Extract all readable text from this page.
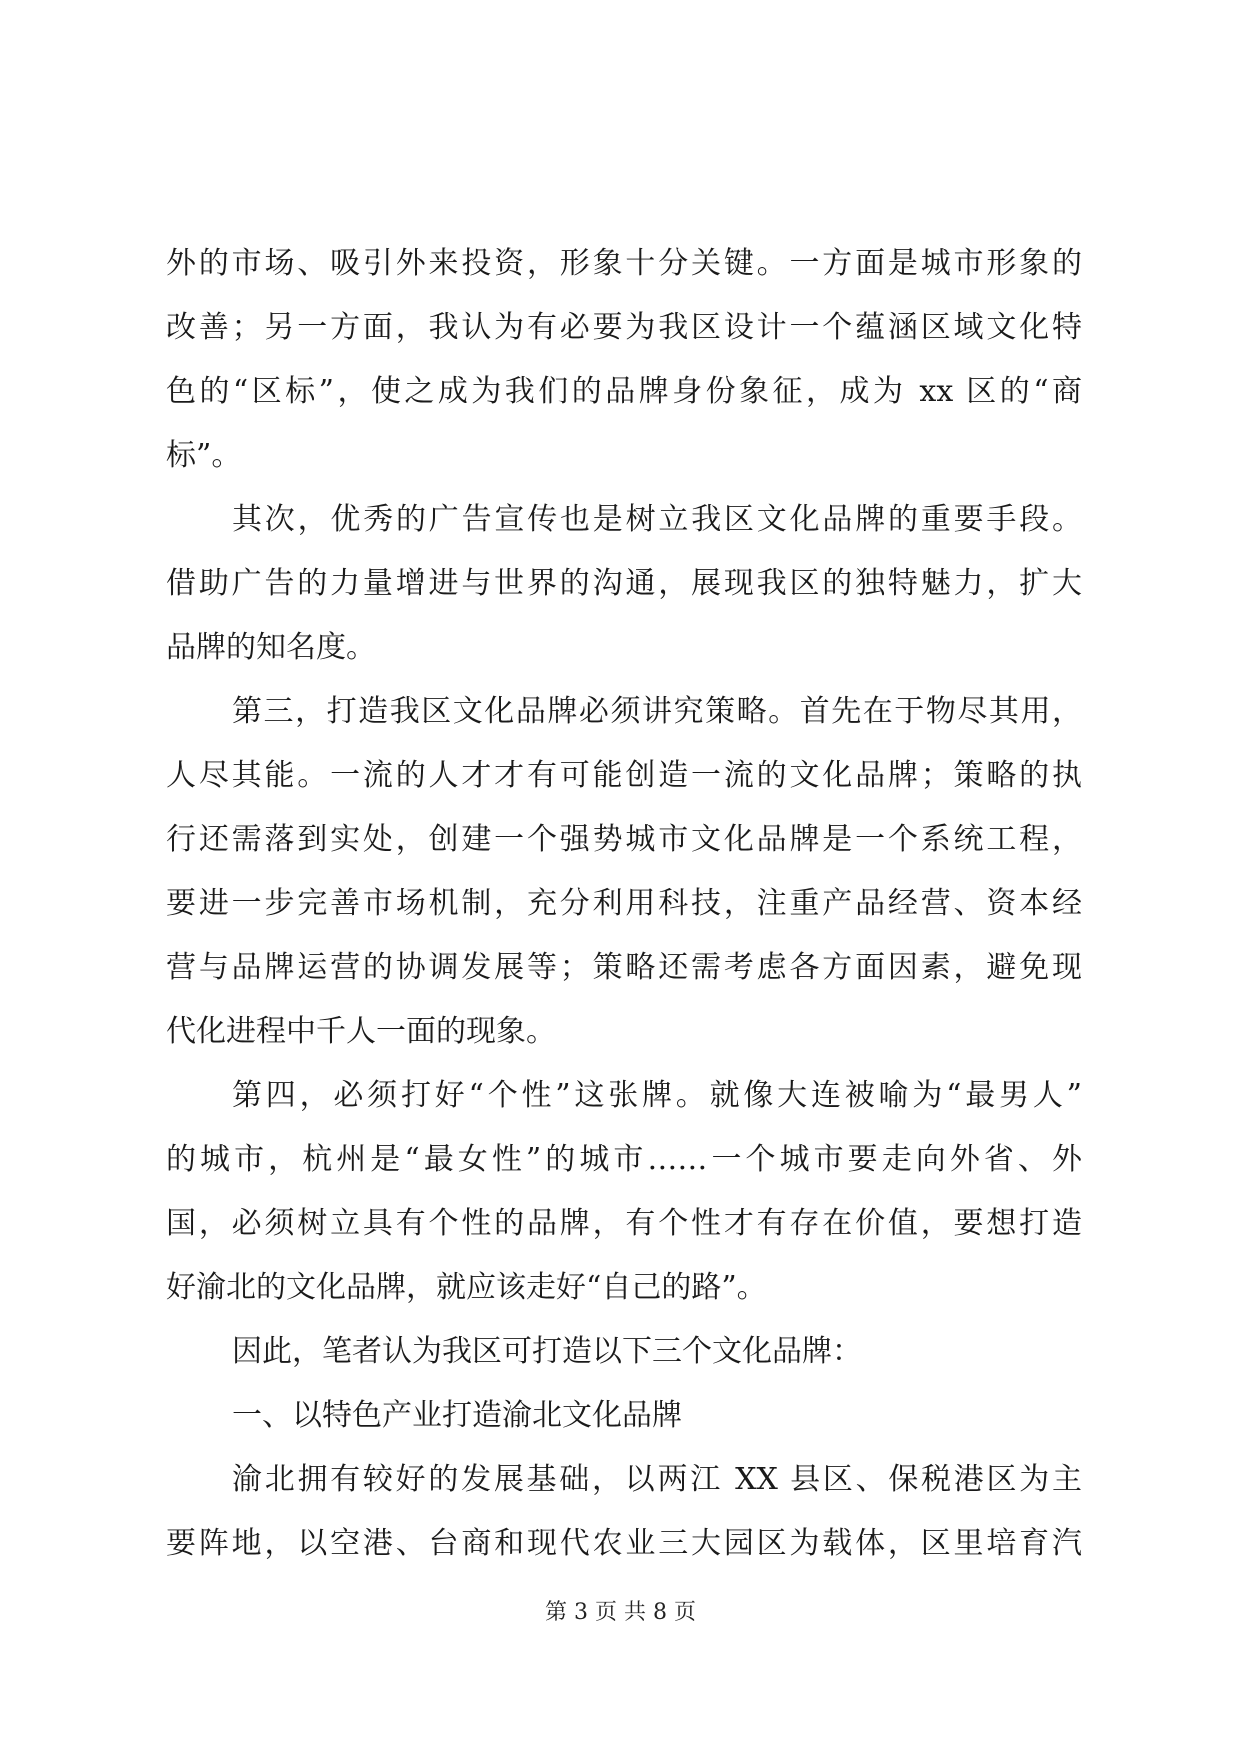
外的市场、吸引外来投资，形象十分关键。一方面是城市形象的
改善；另一方面，我认为有必要为我区设计一个蕴涵区域文化特
色的“区标”，使之成为我们的品牌身份象征，成为 xx 区的“商
标”。
其次，优秀的广告宣传也是树立我区文化品牌的重要手段。
借助广告的力量增进与世界的沟通，展现我区的独特魅力，扩大
品牌的知名度。
第三，打造我区文化品牌必须讲究策略。首先在于物尽其用，
人尽其能。一流的人才才有可能创造一流的文化品牌；策略的执
行还需落到实处，创建一个强势城市文化品牌是一个系统工程，
要进一步完善市场机制，充分利用科技，注重产品经营、资本经
营与品牌运营的协调发展等；策略还需考虑各方面因素，避免现
代化进程中千人一面的现象。
第四，必须打好“个性”这张牌。就像大连被喻为“最男人”
的城市，杭州是“最女性”的城市……一个城市要走向外省、外
国，必须树立具有个性的品牌，有个性才有存在价值，要想打造
好渝北的文化品牌，就应该走好“自己的路”。
因此，笔者认为我区可打造以下三个文化品牌：
一、以特色产业打造渝北文化品牌
渝北拥有较好的发展基础，以两江 XX 县区、保税港区为主
要阵地，以空港、台商和现代农业三大园区为载体，区里培育汽
第 3 页 共 8 页
